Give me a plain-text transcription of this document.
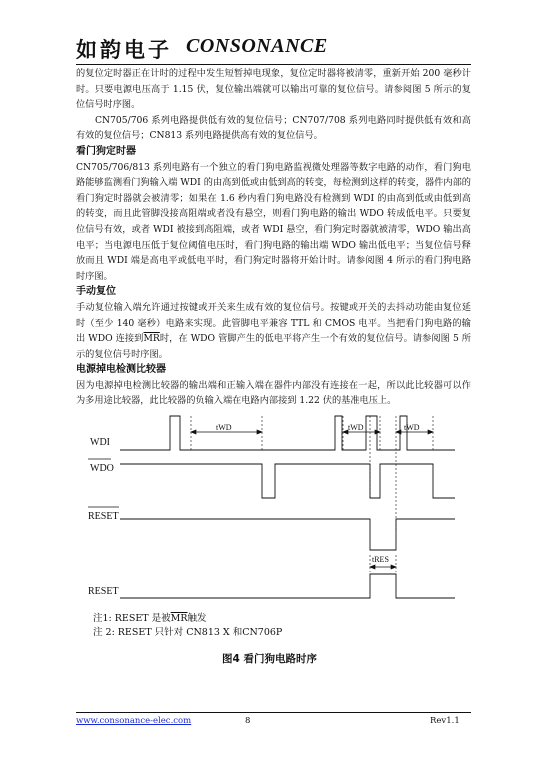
如韵电子 CONSONANCE

的复位定时器正在计时的过程中发生短暂掉电现象，复位定时器将被清零，重新开始 200 毫秒计时。只要电源电压高于 1.15 伏，复位输出端就可以输出可靠的复位信号。请参阅图 5 所示的复位信号时序图。

CN705/706 系列电路提供低有效的复位信号；CN707/708 系列电路同时提供低有效和高有效的复位信号；CN813 系列电路提供高有效的复位信号。

看门狗定时器

CN705/706/813 系列电路有一个独立的看门狗电路监视微处理器等数字电路的动作，看门狗电路能够监测看门狗输入端 WDI 的由高到低或由低到高的转变，每检测到这样的转变，器件内部的看门狗定时器就会被清零；如果在 1.6 秒内看门狗电路没有检测到 WDI 的由高到低或由低到高的转变，而且此管脚没接高阻端或者没有悬空，则看门狗电路的输出 WDO 转成低电平。只要复位信号有效，或者 WDI 被接到高阻端，或者 WDI 悬空，看门狗定时器就被清零，WDO 输出高电平；当电源电压低于复位阈值电压时，看门狗电路的输出端 WDO 输出低电平；当复位信号释放而且 WDI 端是高电平或低电平时，看门狗定时器将开始计时。请参阅图 4 所示的看门狗电路时序图。

手动复位

手动复位输入端允许通过按键或开关来生成有效的复位信号。按键或开关的去抖动功能由复位延时（至少 140 毫秒）电路来实现。此管脚电平兼容 TTL 和 CMOS 电平。当把看门狗电路的输出 WDO 连接到$\overline{MR}$时，在 WDO 管脚产生的低电平将产生一个有效的复位信号。请参阅图 5 所示的复位信号时序图。

电源掉电检测比较器

因为电源掉电检测比较器的输出端和正输入端在器件内部没有连接在一起，所以此比较器可以作为多用途比较器，此比较器的负输入端在电路内部接到 1.22 伏的基准电压上。

WDI
WDO
RESET
RESET
tWD	tWD	tWD
tRES
注1: RESET 是被$\overline{MR}$触发
注 2: RESET 只针对 CN813 X 和CN706P
图4 看门狗电路时序
www.consonance-elec.com	8	Rev1.1
